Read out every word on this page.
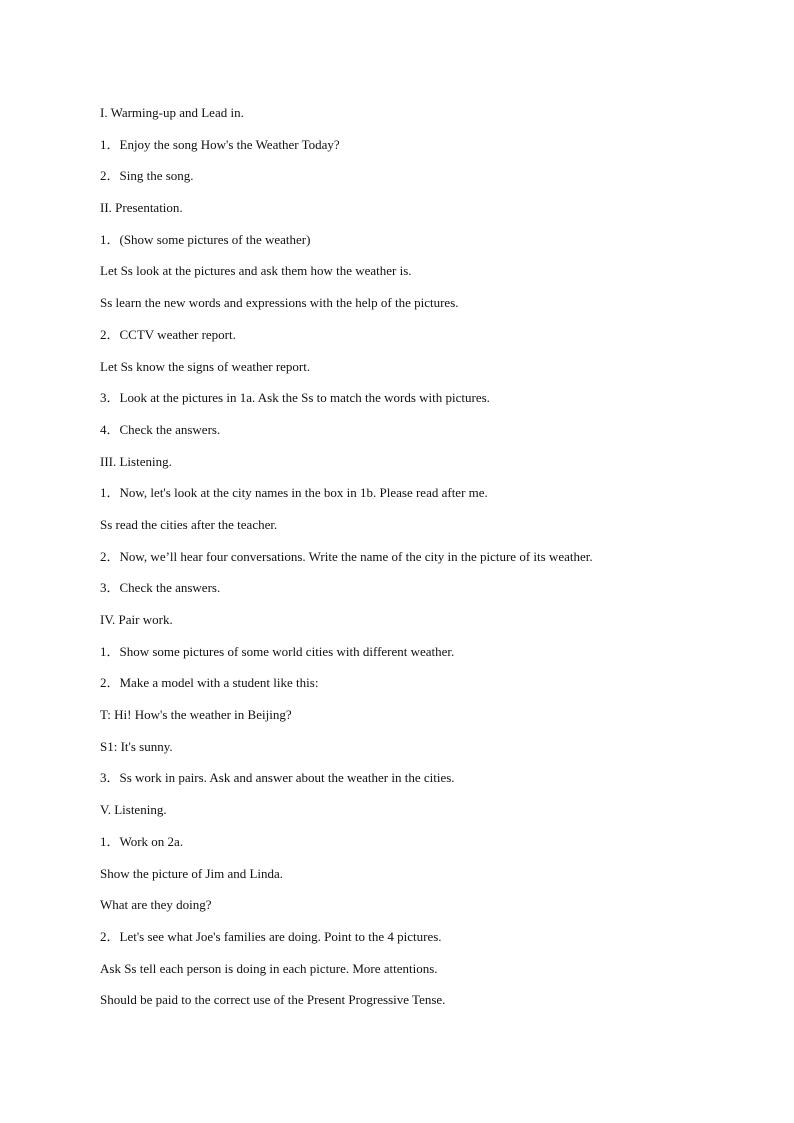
I. Warming-up and Lead in.
1．Enjoy the song How's the Weather Today?
2．Sing the song.
II. Presentation.
1．(Show some pictures of the weather)
Let Ss look at the pictures and ask them how the weather is.
Ss learn the new words and expressions with the help of the pictures.
2．CCTV weather report.
Let Ss know the signs of weather report.
3．Look at the pictures in 1a. Ask the Ss to match the words with pictures.
4．Check the answers.
III. Listening.
1．Now, let's look at the city names in the box in 1b. Please read after me.
Ss read the cities after the teacher.
2．Now, we’ll hear four conversations. Write the name of the city in the picture of its weather.
3．Check the answers.
IV. Pair work.
1．Show some pictures of some world cities with different weather.
2．Make a model with a student like this:
T: Hi! How's the weather in Beijing?
S1: It's sunny.
3．Ss work in pairs. Ask and answer about the weather in the cities.
V. Listening.
1．Work on 2a.
Show the picture of Jim and Linda.
What are they doing?
2．Let's see what Joe's families are doing. Point to the 4 pictures.
Ask Ss tell each person is doing in each picture. More attentions.
Should be paid to the correct use of the Present Progressive Tense.
